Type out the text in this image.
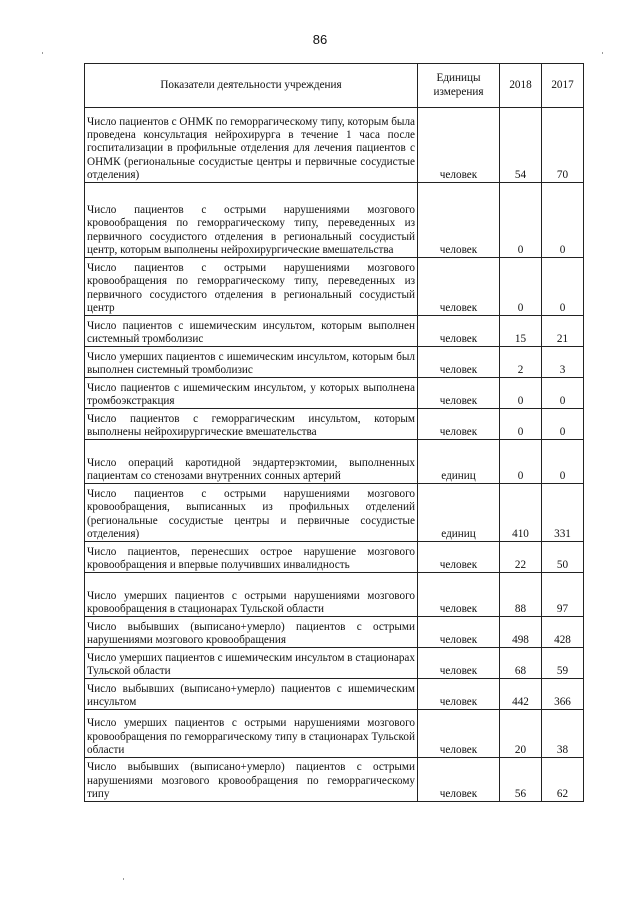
86
Показатели деятельности учреждения	Единицы измерения	2018	2017
Число пациентов с ОНМК по геморрагическому типу, которым была проведена консультация нейрохирурга в течение 1 часа после госпитализации в профильные отделения для лечения пациентов с ОНМК (региональные сосудистые центры и первичные сосудистые отделения)	человек	54	70
Число пациентов с острыми нарушениями мозгового кровообращения по геморрагическому типу, переведенных из первичного сосудистого отделения в региональный сосудистый центр, которым выполнены нейрохирургические вмешательства	человек	0	0
Число пациентов с острыми нарушениями мозгового кровообращения по геморрагическому типу, переведенных из первичного сосудистого отделения в региональный сосудистый центр	человек	0	0
Число пациентов с ишемическим инсультом, которым выполнен системный тромболизис	человек	15	21
Число умерших пациентов с ишемическим инсультом, которым был выполнен системный тромболизис	человек	2	3
Число пациентов с ишемическим инсультом, у которых выполнена тромбоэкстракция	человек	0	0
Число пациентов с геморрагическим инсультом, которым выполнены нейрохирургические вмешательства	человек	0	0
Число операций каротидной эндартерэктомии, выполненных пациентам со стенозами внутренних сонных артерий	единиц	0	0
Число пациентов с острыми нарушениями мозгового кровообращения, выписанных из профильных отделений (региональные сосудистые центры и первичные сосудистые отделения)	единиц	410	331
Число пациентов, перенесших острое нарушение мозгового кровообращения и впервые получивших инвалидность	человек	22	50
Число умерших пациентов с острыми нарушениями мозгового кровообращения в стационарах Тульской области	человек	88	97
Число выбывших (выписано+умерло) пациентов с острыми нарушениями мозгового кровообращения	человек	498	428
Число умерших пациентов с ишемическим инсультом в стационарах Тульской области	человек	68	59
Число выбывших (выписано+умерло) пациентов с ишемическим инсультом	человек	442	366
Число умерших пациентов с острыми нарушениями мозгового кровообращения по геморрагическому типу в стационарах Тульской области	человек	20	38
Число выбывших (выписано+умерло) пациентов с острыми нарушениями мозгового кровообращения по геморрагическому типу	человек	56	62
